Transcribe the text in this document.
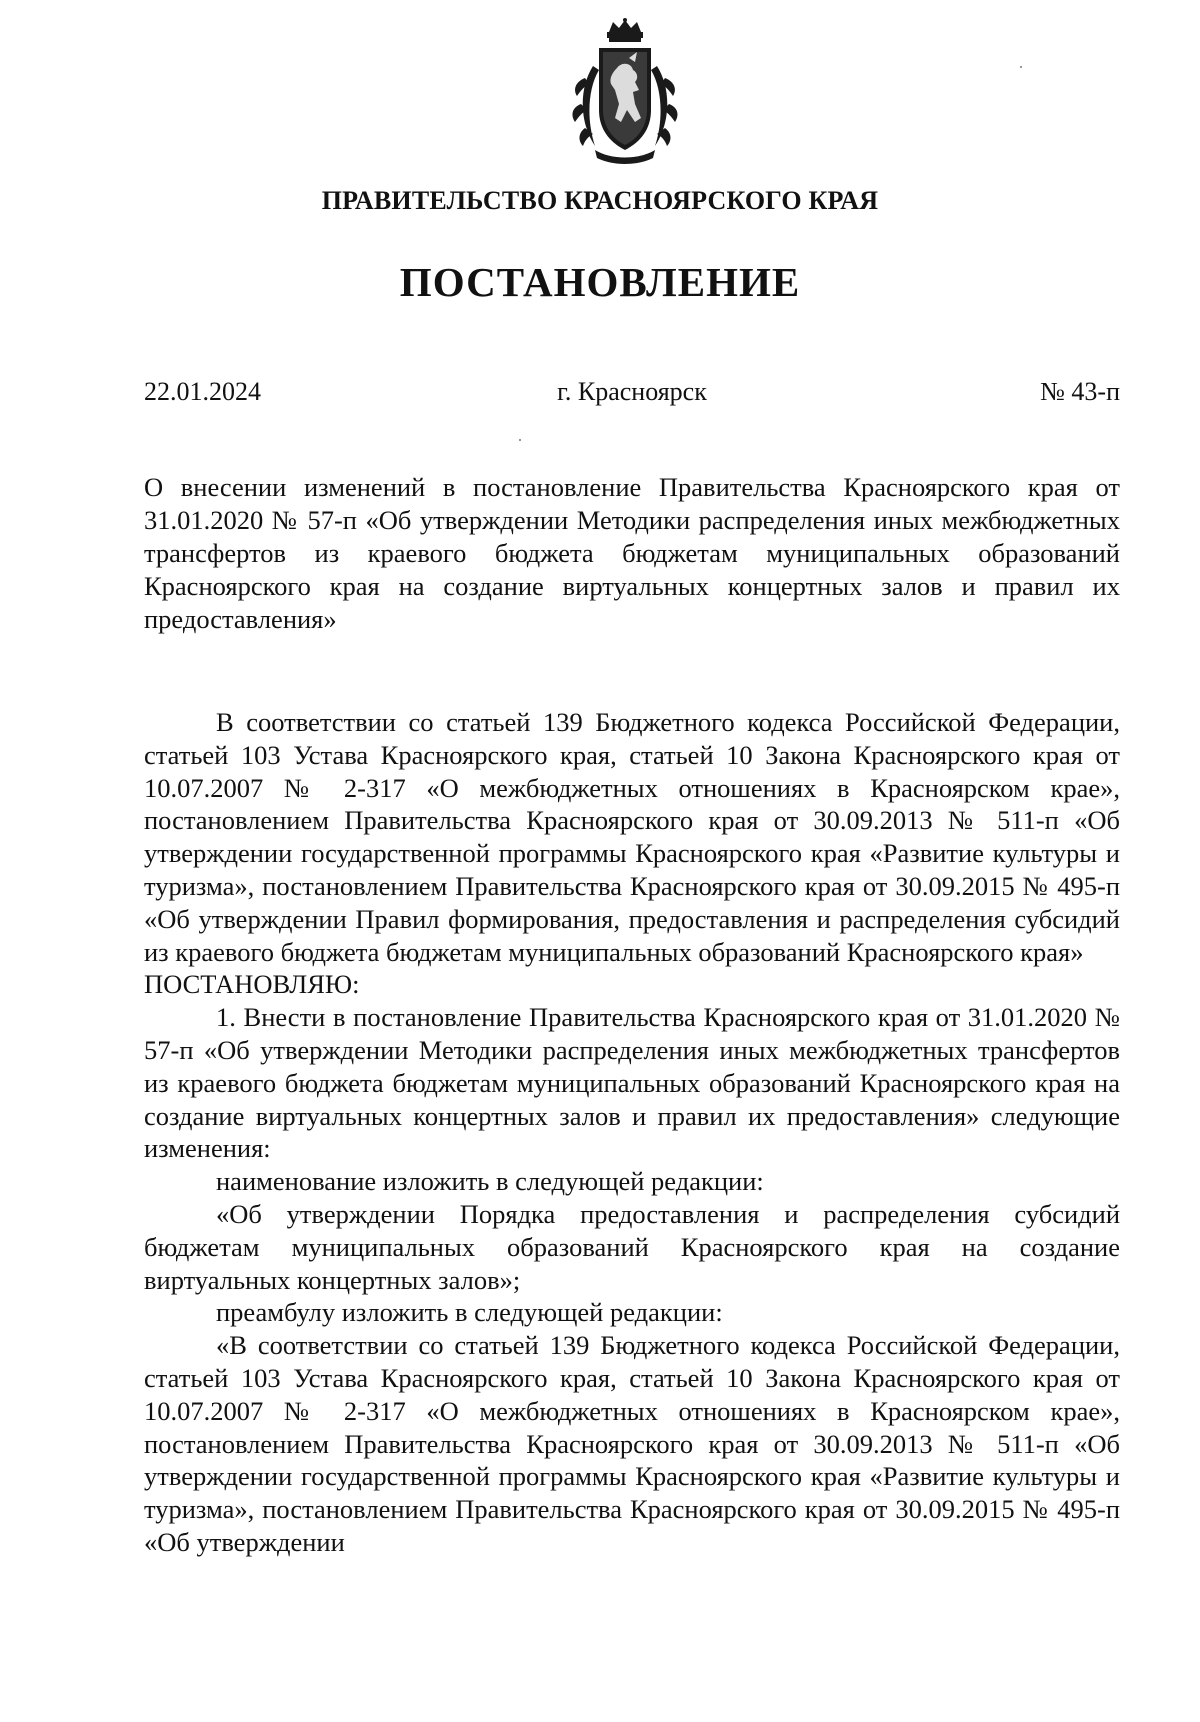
ПРАВИТЕЛЬСТВО КРАСНОЯРСКОГО КРАЯ
ПОСТАНОВЛЕНИЕ
г. Красноярск
22.01.2024	№ 43-п
О внесении изменений в постановление Правительства Красноярского края от 31.01.2020 № 57-п «Об утверждении Методики распределения иных межбюджетных трансфертов из краевого бюджета бюджетам муниципальных образований Красноярского края на создание виртуальных концертных залов и правил их предоставления»

В соответствии со статьей 139 Бюджетного кодекса Российской Федерации, статьей 103 Устава Красноярского края, статьей 10 Закона Красноярского края от 10.07.2007 № 2-317 «О межбюджетных отношениях в Красноярском крае», постановлением Правительства Красноярского края от 30.09.2013 № 511-п «Об утверждении государственной программы Красноярского края «Развитие культуры и туризма», постановлением Правительства Красноярского края от 30.09.2015 № 495-п «Об утверждении Правил формирования, предоставления и распределения субсидий из краевого бюджета бюджетам муниципальных образований Красноярского края»

ПОСТАНОВЛЯЮ:

1. Внести в постановление Правительства Красноярского края от 31.01.2020 № 57-п «Об утверждении Методики распределения иных межбюджетных трансфертов из краевого бюджета бюджетам муниципальных образований Красноярского края на создание виртуальных концертных залов и правил их предоставления» следующие изменения:

наименование изложить в следующей редакции:

«Об утверждении Порядка предоставления и распределения субсидий бюджетам муниципальных образований Красноярского края на создание виртуальных концертных залов»;

преамбулу изложить в следующей редакции:

«В соответствии со статьей 139 Бюджетного кодекса Российской Федерации, статьей 103 Устава Красноярского края, статьей 10 Закона Красноярского края от 10.07.2007 № 2-317 «О межбюджетных отношениях в Красноярском крае», постановлением Правительства Красноярского края от 30.09.2013 № 511-п «Об утверждении государственной программы Красноярского края «Развитие культуры и туризма», постановлением Правительства Красноярского края от 30.09.2015 № 495-п «Об утверждении
